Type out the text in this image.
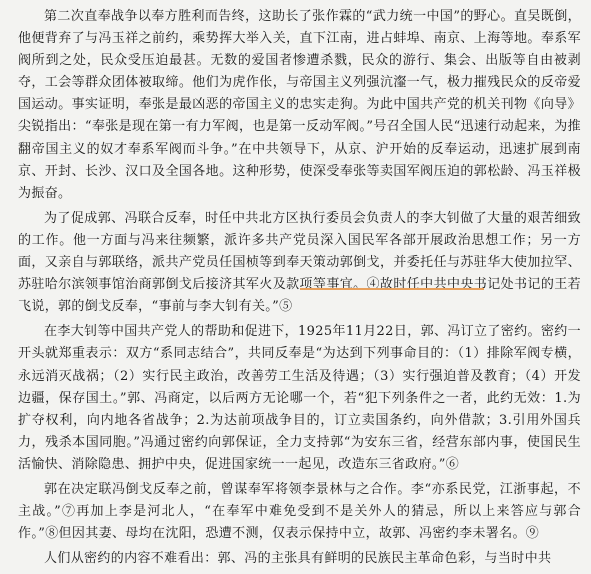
第二次直奉战争以奉方胜利而告终，这助长了张作霖的“武力统一中国”的野心。直吴既倒，他便背弃了与冯玉祥之前约，乘势挥大举入关，直下江南，进占蚌埠、南京、上海等地。奉系军阀所到之处，民众受压迫最甚。无数的爱国者惨遭杀戮，民众的游行、集会、出版等自由被剥夺，工会等群众团体被取缔。他们为虎作伥，与帝国主义列强沆瀣一气，极力摧残民众的反帝爱国运动。事实证明，奉张是最凶恶的帝国主义的忠实走狗。为此中国共产党的机关刊物《向导》尖锐指出：“奉张是现在第一有力军阀，也是第一反动军阀。”号召全国人民“迅速行动起来，为推翻帝国主义的奴才奉系军阀而斗争。”在中共领导下，从京、沪开始的反奉运动，迅速扩展到南京、开封、长沙、汉口及全国各地。这种形势，使深受奉张等卖国军阀压迫的郭松龄、冯玉祥极为振奋。

为了促成郭、冯联合反奉，时任中共北方区执行委员会负责人的李大钊做了大量的艰苦细致的工作。他一方面与冯来往频繁，派许多共产党员深入国民军各部开展政治思想工作；另一方面，又亲自与郭联络，派共产党员任国桢等到奉天策动郭倒戈，并委托任与苏驻华大使加拉罕、苏驻哈尔滨领事馆治商郭倒戈后接济其军火及款项等事宜。④故时任中共中央书记处书记的王若飞说，郭的倒戈反奉，“事前与李大钊有关。”⑤

在李大钊等中国共产党人的帮助和促进下，1925年11月22日，郭、冯订立了密约。密约一开头就郑重表示：双方“系同志结合”，共同反奉是“为达到下列事命目的：（1）排除军阀专横，永远消灭战祸；（2）实行民主政治，改善劳工生活及待遇；（3）实行强迫普及教育；（4）开发边疆，保存国土。”郭、冯商定，以后两方无论哪一个，若“犯下列条件之一者，此约无效：1.为扩夺权利，向内地各省战争；2.为达前项战争目的，订立卖国条约，向外借款；3.引用外国兵力，残杀本国同胞。”冯通过密约向郭保证，全力支持郭“为安东三省，经营东部内事，使国民生活愉快、消除隐患、拥护中央，促进国家统一一起见，改造东三省政府。”⑥

郭在决定联冯倒戈反奉之前，曾谋奉军将领李景林与之合作。李“亦系民党，江浙事起，不主战。”⑦再加上李是河北人，“在奉军中难免受到不是关外人的猜忌，所以上来答应与郭合作。”⑧但因其妻、母均在沈阳，恐遭不测，仅表示保持中立，故郭、冯密约李未署名。⑨

人们从密约的内容不难看出：郭、冯的主张具有鲜明的民族民主革命色彩，与当时中共
